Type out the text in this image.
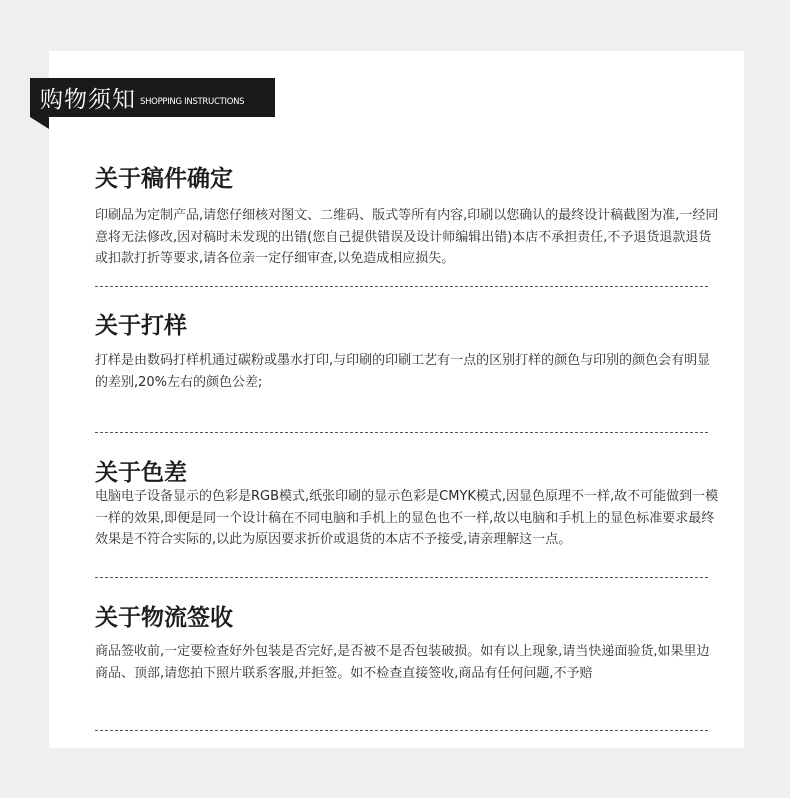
购物须知 SHOPPING INSTRUCTIONS
关于稿件确定
印刷品为定制产品,请您仔细核对图文、二维码、版式等所有内容,印刷以您确认的最终设计稿截图为准,一经同意将无法修改,因对稿时未发现的出错(您自己提供错误及设计师编辑出错)本店不承担责任,不予退货退款退货或扣款打折等要求,请各位亲一定仔细审查,以免造成相应损失。
关于打样
打样是由数码打样机通过碳粉或墨水打印,与印刷的印刷工艺有一点的区别打样的颜色与印别的颜色会有明显的差别,20%左右的颜色公差;
关于色差
电脑电子设备显示的色彩是RGB模式,纸张印刷的显示色彩是CMYK模式,因显色原理不一样,故不可能做到一模一样的效果,即便是同一个设计稿在不同电脑和手机上的显色也不一样,故以电脑和手机上的显色标准要求最终效果是不符合实际的,以此为原因要求折价或退货的本店不予接受,请亲理解这一点。
关于物流签收
商品签收前,一定要检查好外包装是否完好,是否被不是否包装破损。如有以上现象,请当快递面验货,如果里边商品、顶部,请您拍下照片联系客服,并拒签。如不检查直接签收,商品有任何问题,不予赔
